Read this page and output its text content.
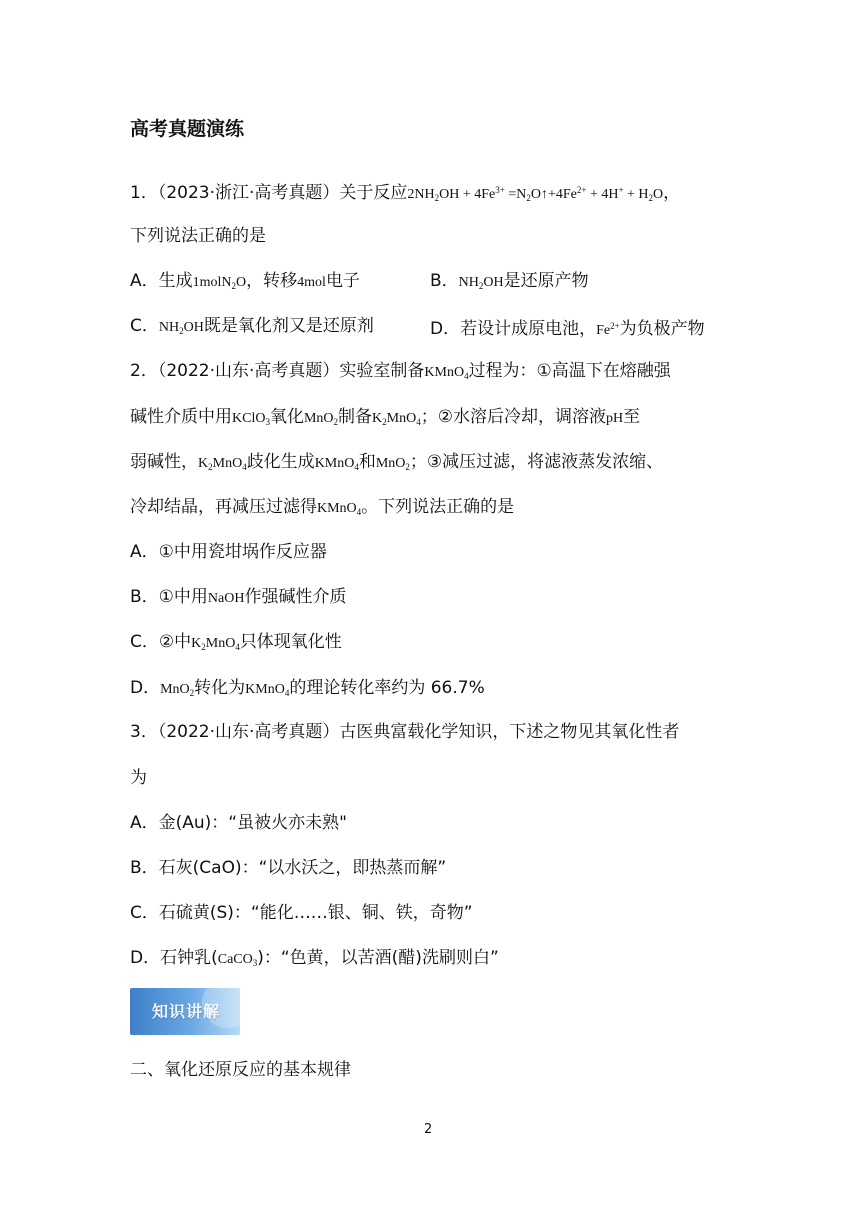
高考真题演练
1．（2023·浙江·高考真题）关于反应$2NH_2OH + 4Fe^{3+}$ $=N_2O↑+4Fe^{2+} + 4H^+ + H_2O$，
下列说法正确的是
A．生成1molN$_2$O，转移4mol电子	B．$NH_2OH$是还原产物
C．$NH_2OH$既是氧化剂又是还原剂	D．若设计成原电池，$Fe^{2+}$为负极产物
2．（2022·山东·高考真题）实验室制备KMnO$_4$过程为：①高温下在熔融强
碱性介质中用KClO$_3$氧化MnO$_2$制备$K_2MnO_4$；②水溶后冷却，调溶液pH至
弱碱性，$K_2MnO_4$歧化生成KMnO$_4$和MnO$_2$；③减压过滤，将滤液蒸发浓缩、
冷却结晶，再减压过滤得KMnO$_4$。下列说法正确的是
A．①中用瓷坩埚作反应器
B．①中用NaOH作强碱性介质
C．②中$K_2MnO_4$只体现氧化性
D．MnO$_2$转化为KMnO$_4$的理论转化率约为 66.7%
3．（2022·山东·高考真题）古医典富载化学知识，下述之物见其氧化性者
为
A．金(Au)：“虽被火亦未熟"
B．石灰(CaO)：“以水沃之，即热蒸而解”
C．石硫黄(S)：“能化……银、铜、铁，奇物”
D．石钟乳(CaCO$_3$)：“色黄，以苦酒(醋)洗刷则白”
知识讲解
二、氧化还原反应的基本规律
2
